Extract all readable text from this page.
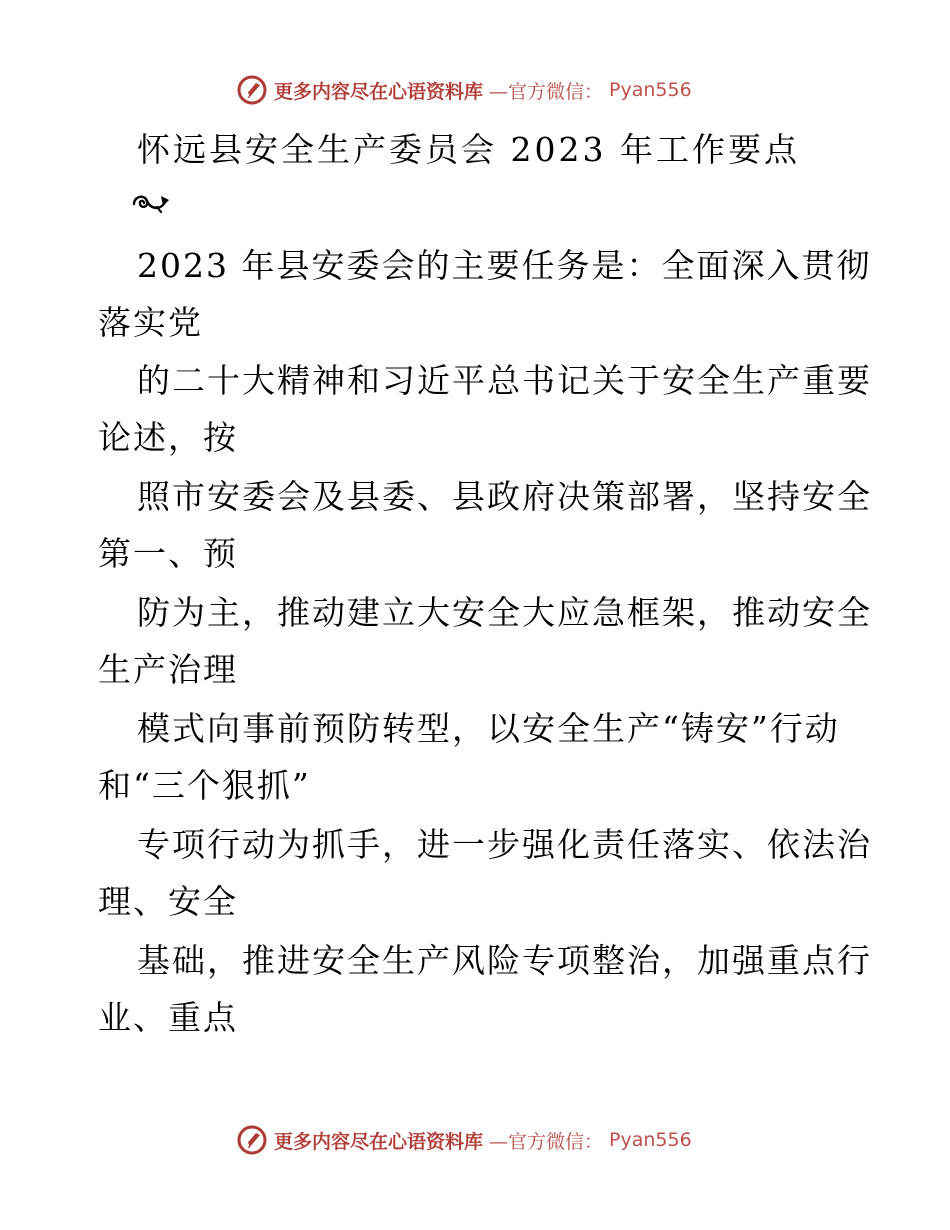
更多内容尽在心语资料库 —官方微信： Pyan556
怀远县安全生产委员会 2023 年工作要点
2023 年县安委会的主要任务是：全面深入贯彻
落实党
的二十大精神和习近平总书记关于安全生产重要
论述，按
照市安委会及县委、县政府决策部署，坚持安全
第一、预
防为主，推动建立大安全大应急框架，推动安全
生产治理
模式向事前预防转型，以安全生产“铸安”行动
和“三个狠抓”
专项行动为抓手，进一步强化责任落实、依法治
理、安全
基础，推进安全生产风险专项整治，加强重点行
业、重点
更多内容尽在心语资料库 —官方微信： Pyan556
